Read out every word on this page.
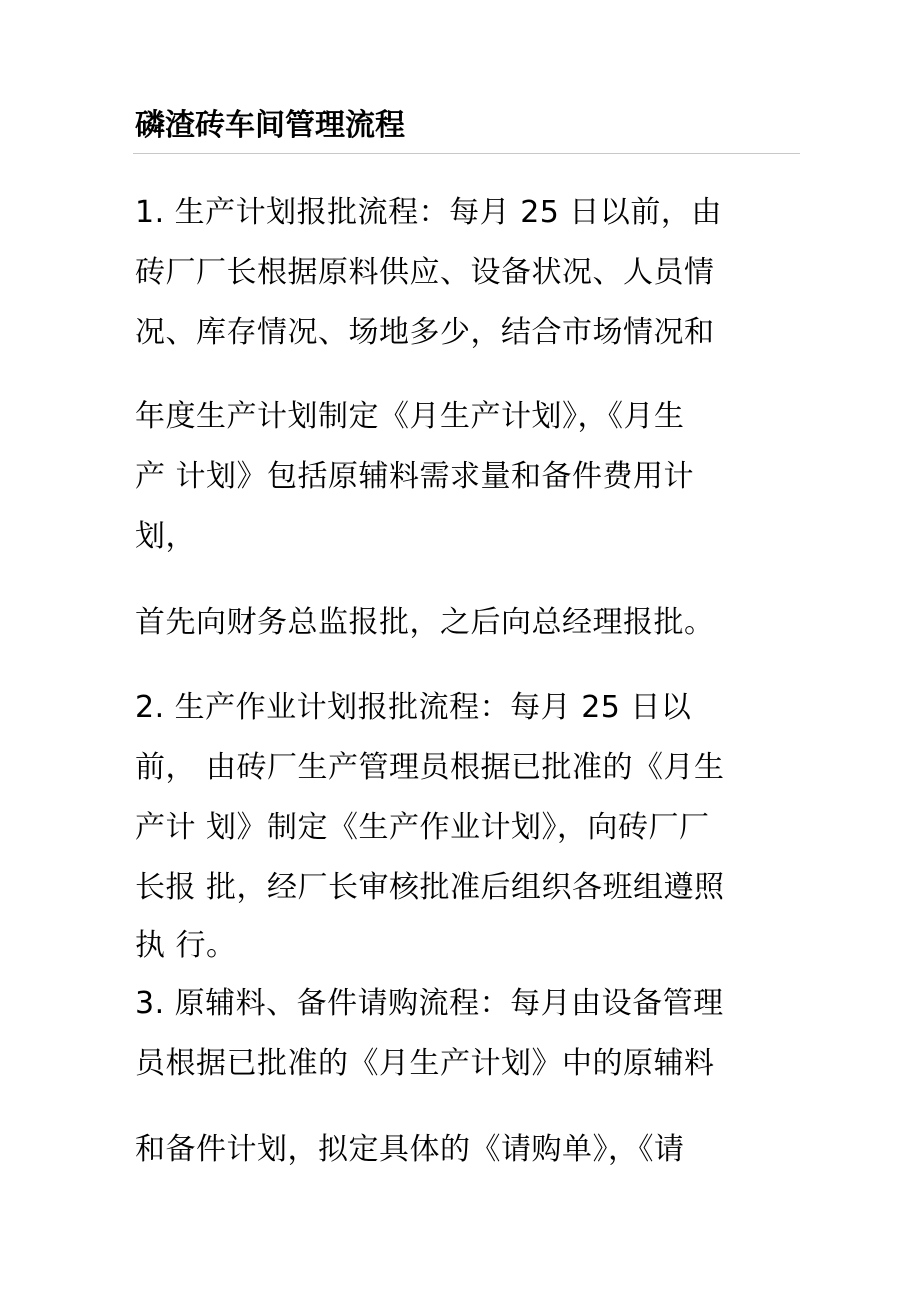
磷渣砖车间管理流程
1. 生产计划报批流程：每月 25 日以前，由
砖厂厂长根据原料供应、设备状况、人员情
况、库存情况、场地多少，结合市场情况和
年度生产计划制定《月生产计划》，《月生
产 计划》包括原辅料需求量和备件费用计
划，
首先向财务总监报批，之后向总经理报批。
2. 生产作业计划报批流程：每月 25 日以
前， 由砖厂生产管理员根据已批准的《月生
产计 划》制定《生产作业计划》，向砖厂厂
长报 批，经厂长审核批准后组织各班组遵照
执 行。
3. 原辅料、备件请购流程：每月由设备管理
员根据已批准的《月生产计划》中的原辅料
和备件计划，拟定具体的《请购单》，《请
